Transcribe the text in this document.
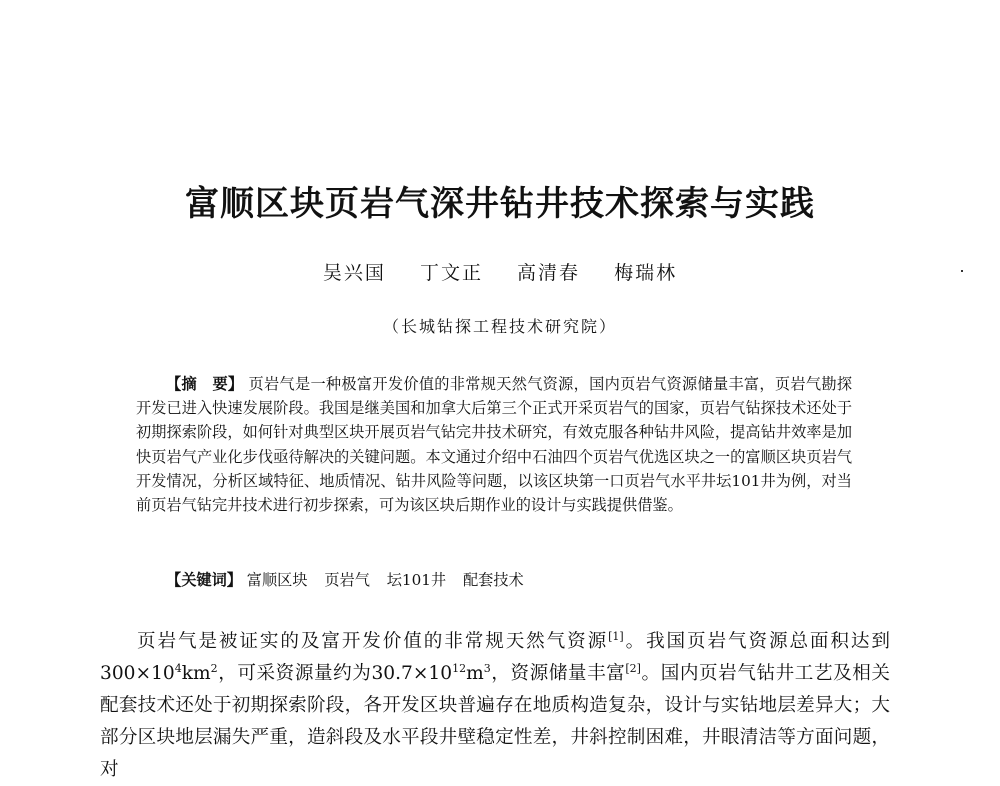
富顺区块页岩气深井钻井技术探索与实践
吴兴国 丁文正 高清春 梅瑞林
（长城钻探工程技术研究院）
【摘　要】 页岩气是一种极富开发价值的非常规天然气资源，国内页岩气资源储量丰富，页岩气勘探开发已进入快速发展阶段。我国是继美国和加拿大后第三个正式开采页岩气的国家，页岩气钻探技术还处于初期探索阶段，如何针对典型区块开展页岩气钻完井技术研究，有效克服各种钻井风险，提高钻井效率是加快页岩气产业化步伐亟待解决的关键问题。本文通过介绍中石油四个页岩气优选区块之一的富顺区块页岩气开发情况，分析区域特征、地质情况、钻井风险等问题，以该区块第一口页岩气水平井坛101井为例，对当前页岩气钻完井技术进行初步探索，可为该区块后期作业的设计与实践提供借鉴。
【关键词】 富顺区块 页岩气 坛101井 配套技术
页岩气是被证实的及富开发价值的非常规天然气资源[1]。我国页岩气资源总面积达到$300\times 10^4km^2$，可采资源量约为$30.7\times 10^{12}m^3$，资源储量丰富[2]。国内页岩气钻井工艺及相关配套技术还处于初期探索阶段，各开发区块普遍存在地质构造复杂，设计与实钻地层差异大；大部分区块地层漏失严重，造斜段及水平段井壁稳定性差，井斜控制困难，井眼清洁等方面问题，对
